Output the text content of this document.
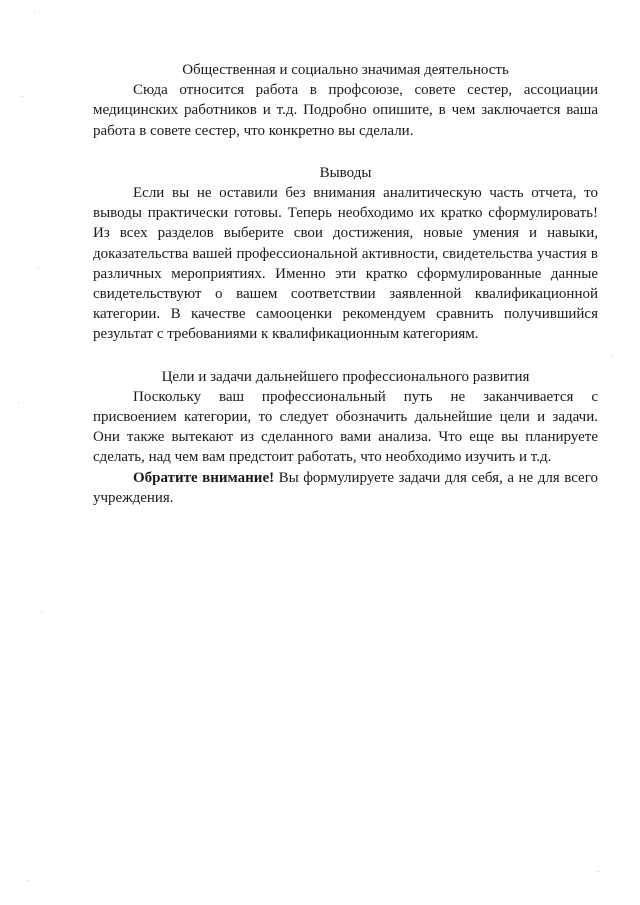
Общественная и социально значимая деятельность

Сюда относится работа в профсоюзе, совете сестер, ассоциации медицинских работников и т.д. Подробно опишите, в чем заключается ваша работа в совете сестер, что конкретно вы сделали.

Выводы

Если вы не оставили без внимания аналитическую часть отчета, то выводы практически готовы. Теперь необходимо их кратко сформулировать! Из всех разделов выберите свои достижения, новые умения и навыки, доказательства вашей профессиональной активности, свидетельства участия в различных мероприятиях. Именно эти кратко сформулированные данные свидетельствуют о вашем соответствии заявленной квалификационной категории. В качестве самооценки рекомендуем сравнить получившийся результат с требованиями к квалификационным категориям.

Цели и задачи дальнейшего профессионального развития

Поскольку ваш профессиональный путь не заканчивается с присвоением категории, то следует обозначить дальнейшие цели и задачи. Они также вытекают из сделанного вами анализа. Что еще вы планируете сделать, над чем вам предстоит работать, что необходимо изучить и т.д.

Обратите внимание! Вы формулируете задачи для себя, а не для всего учреждения.
